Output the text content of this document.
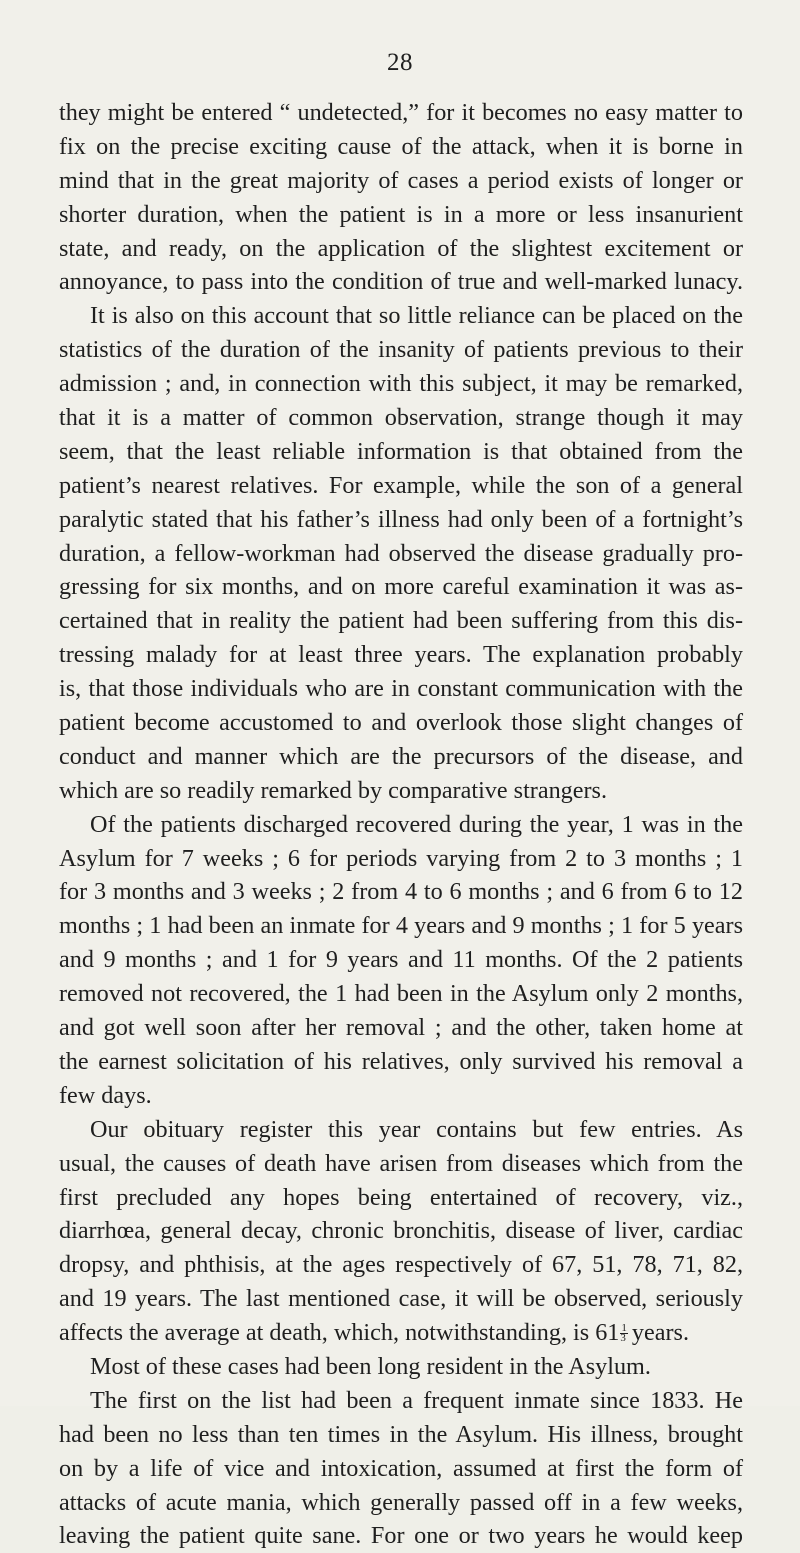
28
they might be entered “ undetected,” for it becomes no easy matter to
fix on the precise exciting cause of the attack, when it is borne in
mind that in the great majority of cases a period exists of longer or
shorter duration, when the patient is in a more or less insanurient
state, and ready, on the application of the slightest excitement or
annoyance, to pass into the condition of true and well-marked lunacy.
It is also on this account that so little reliance can be placed on the
statistics of the duration of the insanity of patients previous to their
admission ; and, in connection with this subject, it may be remarked,
that it is a matter of common observation, strange though it may
seem, that the least reliable information is that obtained from the
patient’s nearest relatives. For example, while the son of a general
paralytic stated that his father’s illness had only been of a fortnight’s
duration, a fellow-workman had observed the disease gradually pro-
gressing for six months, and on more careful examination it was as-
certained that in reality the patient had been suffering from this dis-
tressing malady for at least three years. The explanation probably
is, that those individuals who are in constant communication with the
patient become accustomed to and overlook those slight changes of
conduct and manner which are the precursors of the disease, and
which are so readily remarked by comparative strangers.
Of the patients discharged recovered during the year, 1 was in the
Asylum for 7 weeks ; 6 for periods varying from 2 to 3 months ; 1
for 3 months and 3 weeks ; 2 from 4 to 6 months ; and 6 from 6 to 12
months ; 1 had been an inmate for 4 years and 9 months ; 1 for 5 years
and 9 months ; and 1 for 9 years and 11 months. Of the 2 patients
removed not recovered, the 1 had been in the Asylum only 2 months,
and got well soon after her removal ; and the other, taken home at
the earnest solicitation of his relatives, only survived his removal a
few days.
Our obituary register this year contains but few entries. As
usual, the causes of death have arisen from diseases which from the
first precluded any hopes being entertained of recovery, viz.,
diarrhœa, general decay, chronic bronchitis, disease of liver, cardiac
dropsy, and phthisis, at the ages respectively of 67, 51, 78, 71, 82,
and 19 years. The last mentioned case, it will be observed, seriously
affects the average at death, which, notwithstanding, is $61 \frac{1}{3}$ years.
Most of these cases had been long resident in the Asylum.
The first on the list had been a frequent inmate since 1833. He
had been no less than ten times in the Asylum. His illness, brought
on by a life of vice and intoxication, assumed at first the form of
attacks of acute mania, which generally passed off in a few weeks,
leaving the patient quite sane. For one or two years he would keep
